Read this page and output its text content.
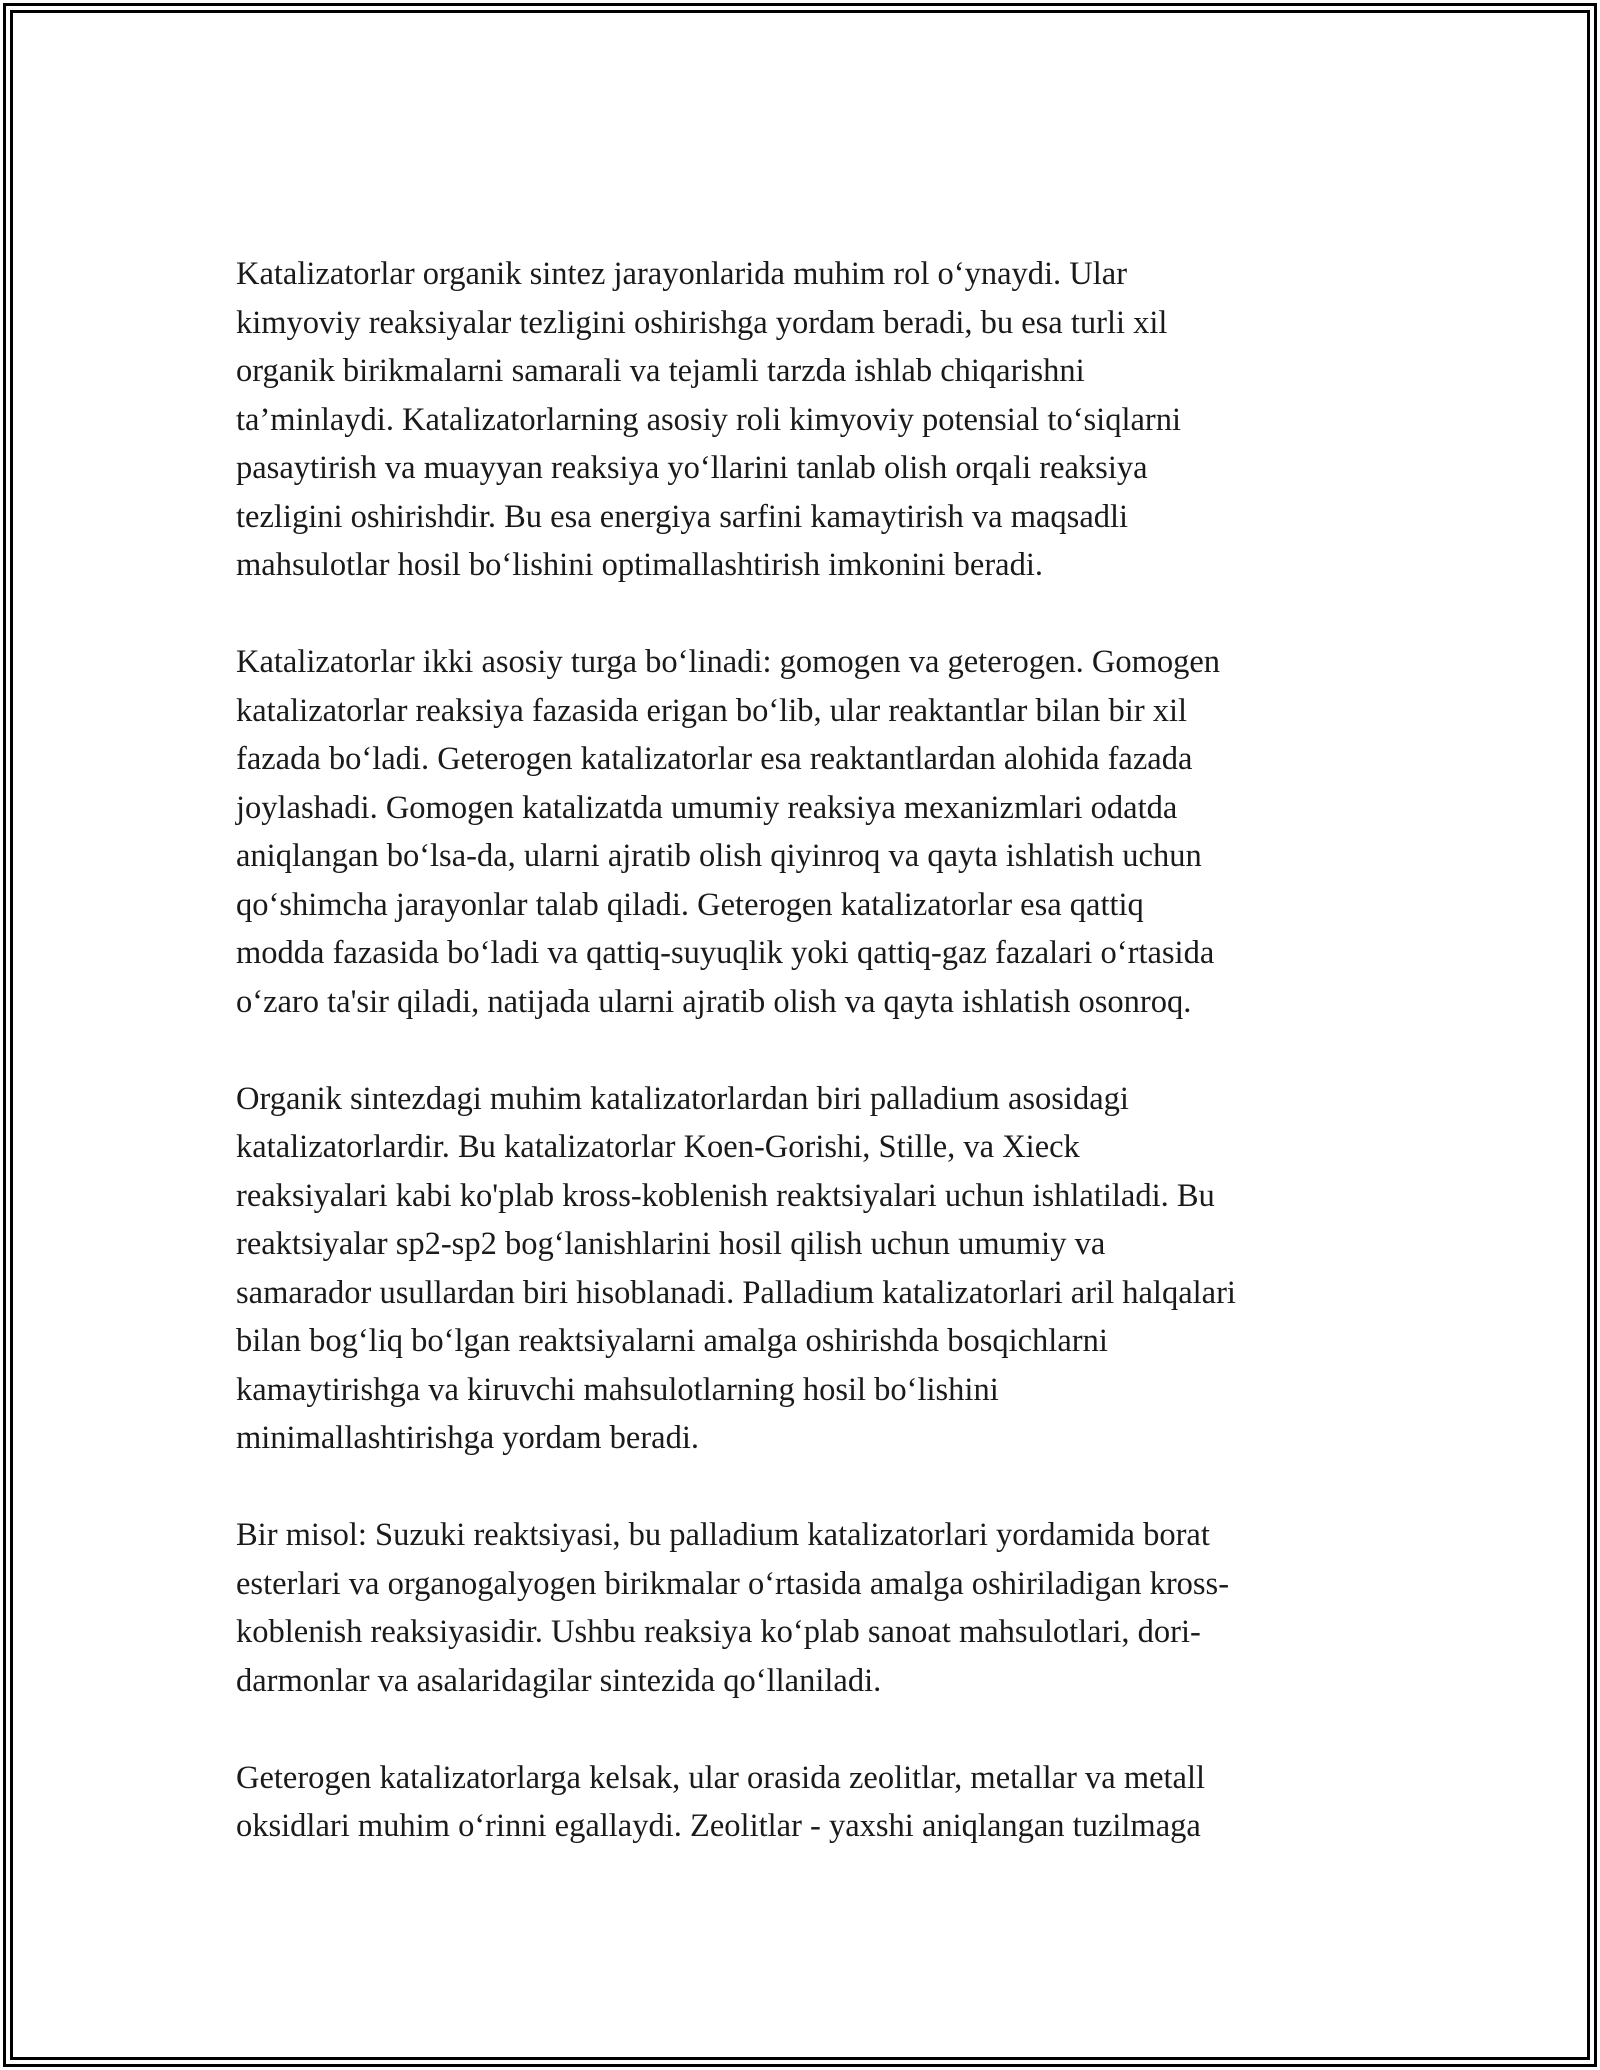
Katalizatorlar organik sintez jarayonlarida muhim rol o‘ynaydi. Ular
kimyoviy reaksiyalar tezligini oshirishga yordam beradi, bu esa turli xil
organik birikmalarni samarali va tejamli tarzda ishlab chiqarishni
ta’minlaydi. Katalizatorlarning asosiy roli kimyoviy potensial to‘siqlarni
pasaytirish va muayyan reaksiya yo‘llarini tanlab olish orqali reaksiya
tezligini oshirishdir. Bu esa energiya sarfini kamaytirish va maqsadli
mahsulotlar hosil bo‘lishini optimallashtirish imkonini beradi.

Katalizatorlar ikki asosiy turga bo‘linadi: gomogen va geterogen. Gomogen
katalizatorlar reaksiya fazasida erigan bo‘lib, ular reaktantlar bilan bir xil
fazada bo‘ladi. Geterogen katalizatorlar esa reaktantlardan alohida fazada
joylashadi. Gomogen katalizatda umumiy reaksiya mexanizmlari odatda
aniqlangan bo‘lsa-da, ularni ajratib olish qiyinroq va qayta ishlatish uchun
qo‘shimcha jarayonlar talab qiladi. Geterogen katalizatorlar esa qattiq
modda fazasida bo‘ladi va qattiq-suyuqlik yoki qattiq-gaz fazalari o‘rtasida
o‘zaro ta'sir qiladi, natijada ularni ajratib olish va qayta ishlatish osonroq.

Organik sintezdagi muhim katalizatorlardan biri palladium asosidagi
katalizatorlardir. Bu katalizatorlar Koen-Gorishi, Stille, va Xieck
reaksiyalari kabi ko'plab kross-koblenish reaktsiyalari uchun ishlatiladi. Bu
reaktsiyalar sp2-sp2 bog‘lanishlarini hosil qilish uchun umumiy va
samarador usullardan biri hisoblanadi. Palladium katalizatorlari aril halqalari
bilan bog‘liq bo‘lgan reaktsiyalarni amalga oshirishda bosqichlarni
kamaytirishga va kiruvchi mahsulotlarning hosil bo‘lishini
minimallashtirishga yordam beradi.

Bir misol: Suzuki reaktsiyasi, bu palladium katalizatorlari yordamida borat
esterlari va organogalyogen birikmalar o‘rtasida amalga oshiriladigan kross-
koblenish reaksiyasidir. Ushbu reaksiya ko‘plab sanoat mahsulotlari, dori-
darmonlar va asalaridagilar sintezida qo‘llaniladi.

Geterogen katalizatorlarga kelsak, ular orasida zeolitlar, metallar va metall
oksidlari muhim o‘rinni egallaydi. Zeolitlar - yaxshi aniqlangan tuzilmaga
